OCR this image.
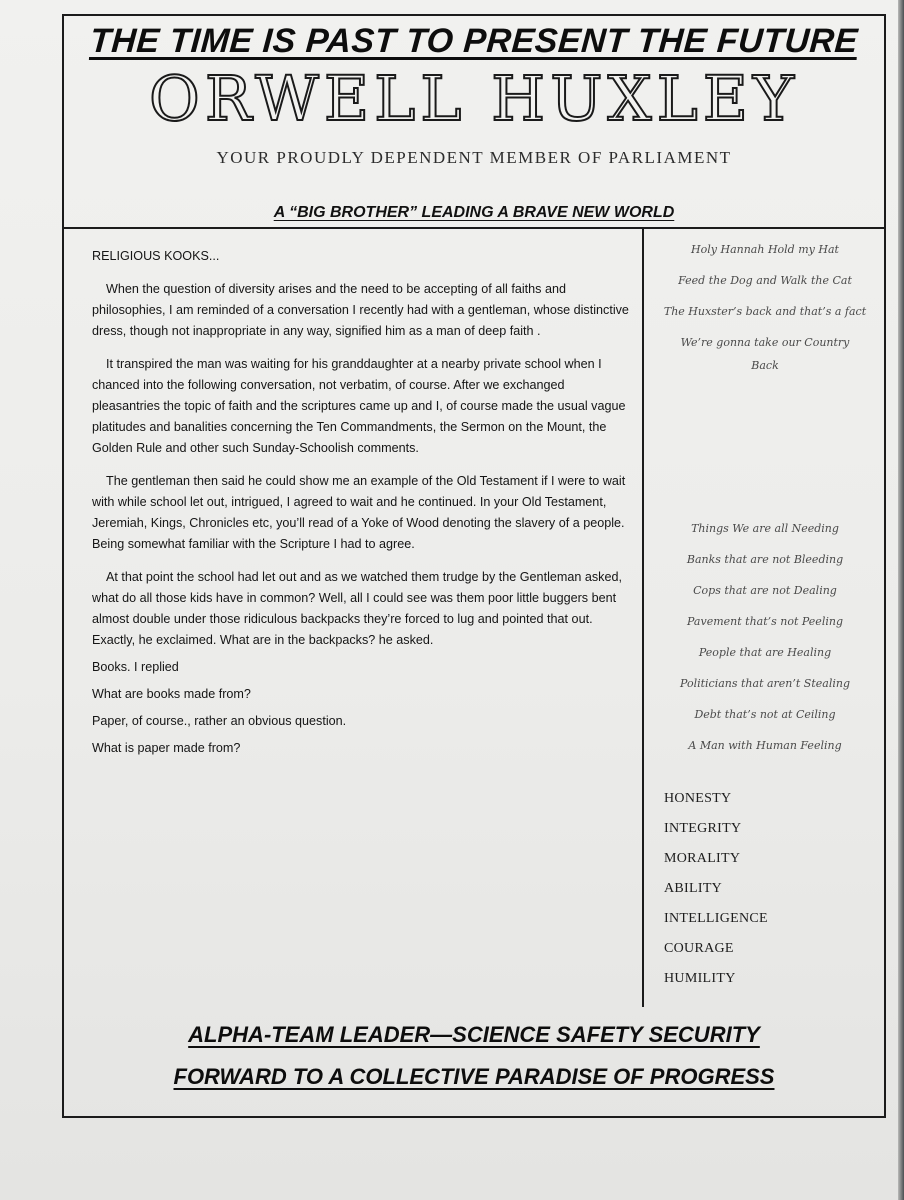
THE TIME IS PAST TO PRESENT THE FUTURE
ORWELL HUXLEY
YOUR PROUDLY DEPENDENT MEMBER OF PARLIAMENT
A “BIG BROTHER” LEADING A BRAVE NEW WORLD
RELIGIOUS KOOKS...
When the question of diversity arises and the need to be accepting of all faiths and philosophies, I am reminded of a conversation I recently had with a gentleman, whose distinctive dress, though not inappropriate in any way, signified him as a man of deep faith .
It transpired the man was waiting for his granddaughter at a nearby private school when I chanced into the following conversation, not verbatim, of course. After we exchanged pleasantries the topic of faith and the scriptures came up and I, of course made the usual vague platitudes and banalities concerning the Ten Commandments, the Sermon on the Mount, the Golden Rule and other such Sunday-Schoolish comments.
The gentleman then said he could show me an example of the Old Testament if I were to wait with while school let out, intrigued, I agreed to wait and he continued. In your Old Testament, Jeremiah, Kings, Chronicles etc, you’ll read of a Yoke of Wood denoting the slavery of a people. Being somewhat familiar with the Scripture I had to agree.
At that point the school had let out and as we watched them trudge by the Gentleman asked, what do all those kids have in common? Well, all I could see was them poor little buggers bent almost double under those ridiculous backpacks they’re forced to lug and pointed that out. Exactly, he exclaimed. What are in the backpacks? he asked.
Books. I replied
What are books made from?
Paper, of course., rather an obvious question.
What is paper made from?
Holy Hannah Hold my Hat
Feed the Dog and Walk the Cat
The Huxster’s back and that’s a fact
We’re gonna take our Country Back
Things We are all Needing
Banks that are not Bleeding
Cops that are not Dealing
Pavement that’s not Peeling
People that are Healing
Politicians that aren’t Stealing
Debt that’s not at Ceiling
A Man with Human Feeling
HONESTY
INTEGRITY
MORALITY
ABILITY
INTELLIGENCE
COURAGE
HUMILITY
ALPHA-TEAM LEADER—SCIENCE SAFETY SECURITY
FORWARD TO A COLLECTIVE PARADISE OF PROGRESS
